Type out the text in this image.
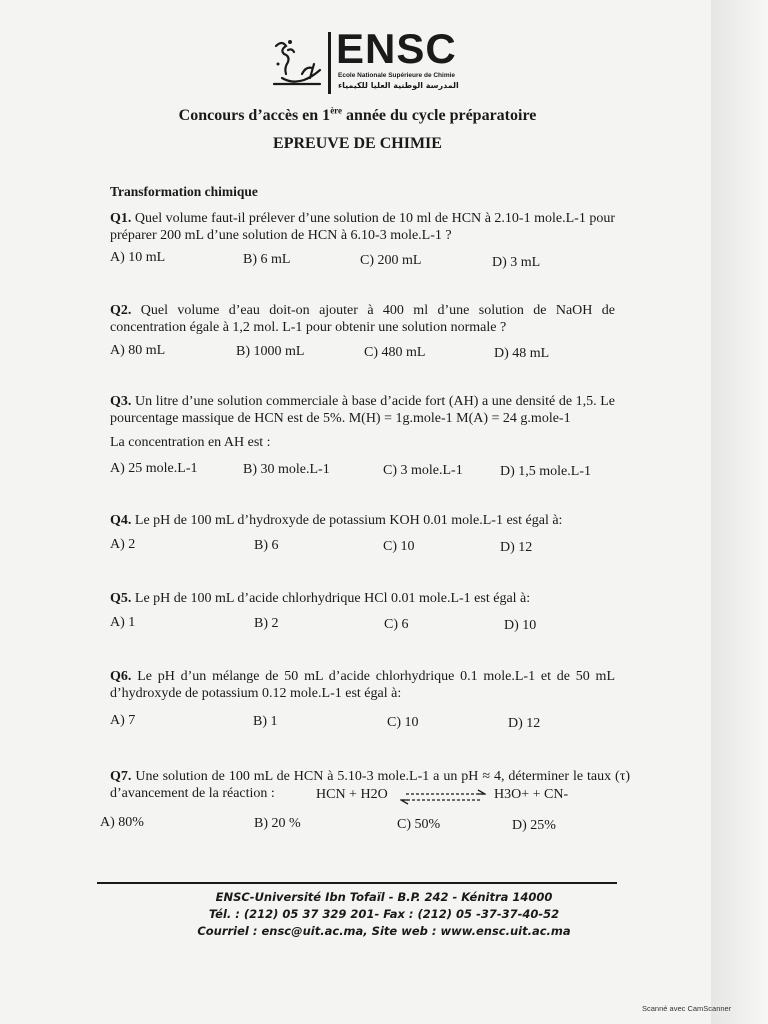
ENSC
Ecole Nationale Supérieure de Chimie
المدرسة الوطنية العليا للكيمياء
Concours d’accès en 1ère année du cycle préparatoire
EPREUVE DE CHIMIE
Transformation chimique
Q1. Quel volume faut-il prélever d’une solution de 10 ml de HCN à 2.10-1 mole.L-1 pour préparer 200 mL d’une solution de HCN à 6.10-3 mole.L-1 ?
A) 10 mL	B) 6 mL	C) 200 mL	D) 3 mL
Q2. Quel volume d’eau doit-on ajouter à 400 ml d’une solution de NaOH de concentration égale à 1,2 mol. L-1 pour obtenir une solution normale ?
A) 80 mL	B) 1000 mL	C) 480 mL	D) 48 mL
Q3. Un litre d’une solution commerciale à base d’acide fort (AH) a une densité de 1,5. Le pourcentage massique de HCN est de 5%. M(H) = 1g.mole-1 M(A) = 24 g.mole-1
La concentration en AH est :
A) 25 mole.L-1	B) 30 mole.L-1	C) 3 mole.L-1	D) 1,5 mole.L-1
Q4. Le pH de 100 mL d’hydroxyde de potassium KOH 0.01 mole.L-1 est égal à:
A) 2	B) 6	C) 10	D) 12
Q5. Le pH de 100 mL d’acide chlorhydrique HCl 0.01 mole.L-1 est égal à:
A) 1	B) 2	C) 6	D) 10
Q6. Le pH d’un mélange de 50 mL d’acide chlorhydrique 0.1 mole.L-1 et de 50 mL d’hydroxyde de potassium 0.12 mole.L-1 est égal à:
A) 7	B) 1	C) 10	D) 12
Q7. Une solution de 100 mL de HCN à 5.10-3 mole.L-1 a un pH ≈ 4, déterminer le taux (τ) d’avancement de la réaction :	HCN + H2O	H3O+ + CN-
A) 80%	B) 20 %	C) 50%	D) 25%
ENSC-Université Ibn Tofaïl - B.P. 242 - Kénitra 14000
Tél. : (212) 05 37 329 201- Fax : (212) 05 -37-37-40-52
Courriel : ensc@uit.ac.ma, Site web : www.ensc.uit.ac.ma
Scanné avec CamScanner
